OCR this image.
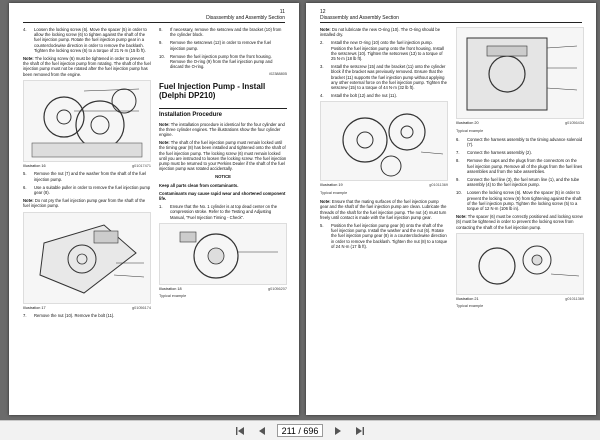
11
Disassembly and Assembly Section
4.	Loosen the locking screw (6). Move the spacer (5) in order to allow the locking screw (6) to tighten against the shaft of the fuel injection pump. Rotate the fuel injection pump gear in a counterclockwise direction in order to remove the backlash. Tighten the locking screw (6) to a torque of 21 N·m (15 lb ft).

Note: The locking screw (6) must be tightened in order to prevent the shaft of the fuel injection pump from rotating. The shaft of the fuel injection pump must not be rotated after the fuel injection pump has been removed from the engine.

Illustration 16	g01017471
5.	Remove the nut (7) and the washer from the shaft of the fuel injection pump.
6.	Use a suitable puller in order to remove the fuel injection pump gear (8).

Note: Do not pry the fuel injection pump gear from the shaft of the fuel injection pump.

Illustration 17	g01056174
7.	Remove the nut (10). Remove the bolt (11).
8.	If necessary, remove the setscrew and the bracket (10) from the cylinder block.
9.	Remove the setscrews (12) in order to remove the fuel injection pump.
10.	Remove the fuel injection pump from the front housing. Remove the O-ring (9) from the fuel injection pump and discard the O-ring.

i02388805

Fuel Injection Pump - Install (Delphi DP210)
Installation Procedure

Note: The installation procedure is identical for the four cylinder and the three cylinder engines. The illustrations show the four cylinder engine.

Note: The shaft of the fuel injection pump must remain locked until the timing gear (8) has been installed and tightened onto the shaft of the fuel injection pump. The locking screw (6) must remain locked until you are instructed to loosen the locking screw. The fuel injection pump must be returned to your Perkins Dealer if the shaft of the fuel injection pump was rotated accidentally.

NOTICE

Keep all parts clean from contaminants.

Contaminants may cause rapid wear and shortened component life.

1.	Ensure that the No. 1 cylinder is at top dead center on the compression stroke. Refer to the Testing and Adjusting Manual, "Fuel Injection Timing - Check".
Illustration 18	g01056207
Typical example
12
Disassembly and Assembly Section

Note: Do not lubricate the new O-ring (10). The O-ring should be installed dry.

2.	Install the new O-ring (10) onto the fuel injection pump. Position the fuel injection pump onto the front housing. Install the setscrews (10). Tighten the setscrews (13) to a torque of 25 N·m (18 lb ft).
3.	Install the setscrew (15) and the bracket (11) onto the cylinder block if the bracket was previously removed. Ensure that the bracket (11) supports the fuel injection pump without applying any other external force on the fuel injection pump. Tighten the setscrew (15) to a torque of 44 N·m (32 lb ft).
4.	Install the bolt (12) and the nut (11).
Illustration 19	g01011369
Typical example

Note: Ensure that the mating surfaces of the fuel injection pump gear and the shaft of the fuel injection pump are clean. Lubricate the threads of the shaft for the fuel injection pump. The nut (4) must turn freely until contact is made with the fuel injection pump gear.

5.	Position the fuel injection pump gear (8) onto the shaft of the fuel injection pump. Install the washer and the nut (6). Rotate the fuel injection pump gear (8) in a counterclockwise direction in order to remove the backlash. Tighten the nut (8) to a torque of 24 N·m (17 lb ft).
Illustration 20	g01056434
Typical example
6.	Connect the harness assembly to the timing advance solenoid (7).
7.	Connect the harness assembly (2).
8.	Remove the caps and the plugs from the connectors on the fuel injection pump. Remove all of the plugs from the fuel lines assemblies and from the tube assemblies.
9.	Connect the fuel line (3), the fuel return line (1), and the tube assembly (4) to the fuel injection pump.
10.	Loosen the locking screw (6). Move the spacer (5) in order to prevent the locking screw (6) from tightening against the shaft of the fuel injection pump. Tighten the locking screw (5) to a torque of 12 N·m (106 lb in).

Note: The spacer (6) must be correctly positioned and locking screw (6) must be tightened in order to prevent the locking screw from contacting the shaft of the fuel injection pump.

Illustration 21	g01011369
Typical example
211 / 696
